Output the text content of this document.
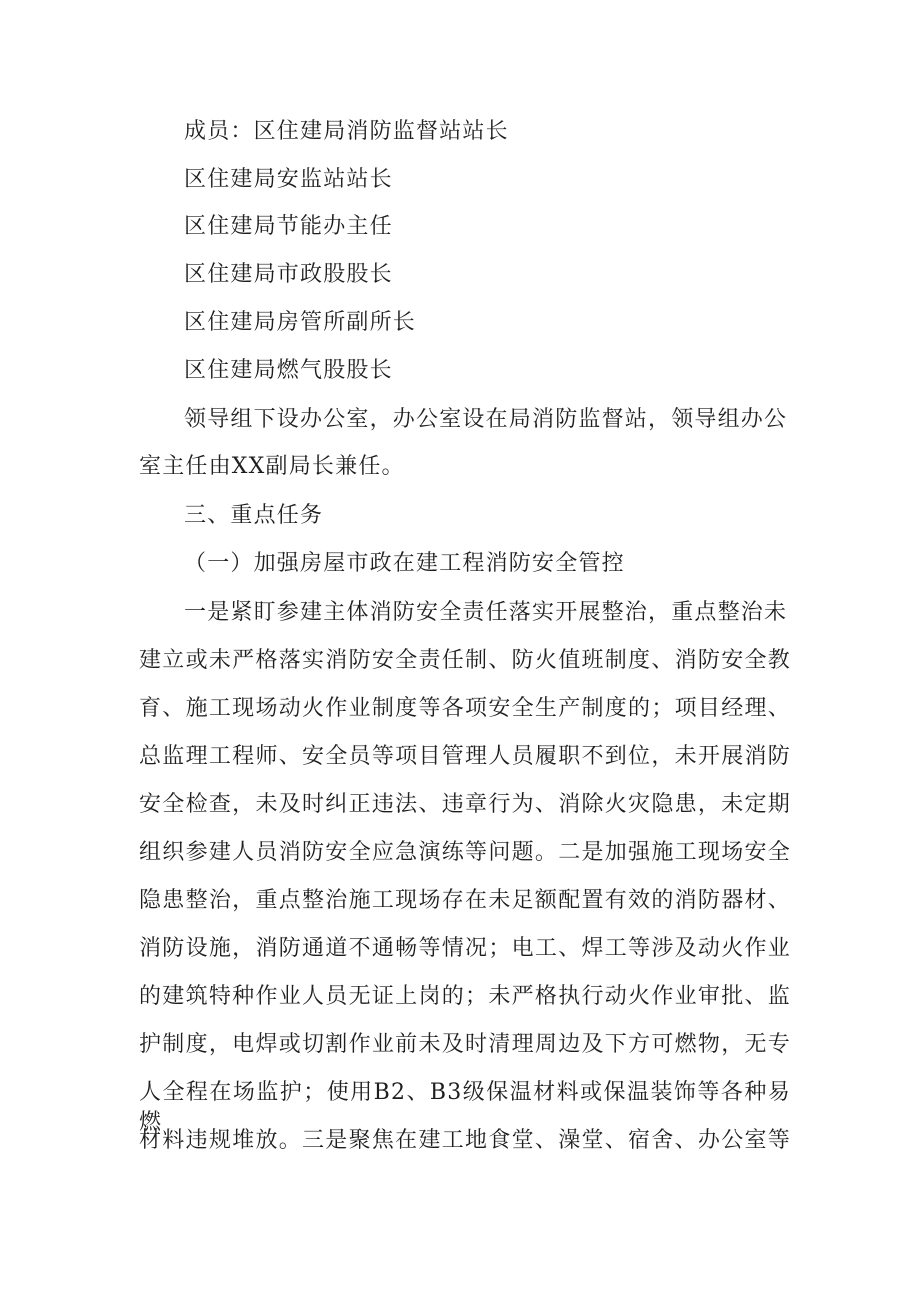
成员：区住建局消防监督站站长
区住建局安监站站长
区住建局节能办主任
区住建局市政股股长
区住建局房管所副所长
区住建局燃气股股长
领导组下设办公室，办公室设在局消防监督站，领导组办公
室主任由XX副局长兼任。
三、重点任务
（一）加强房屋市政在建工程消防安全管控
一是紧盯参建主体消防安全责任落实开展整治，重点整治未
建立或未严格落实消防安全责任制、防火值班制度、消防安全教
育、施工现场动火作业制度等各项安全生产制度的；项目经理、
总监理工程师、安全员等项目管理人员履职不到位，未开展消防
安全检查，未及时纠正违法、违章行为、消除火灾隐患，未定期
组织参建人员消防安全应急演练等问题。二是加强施工现场安全
隐患整治，重点整治施工现场存在未足额配置有效的消防器材、
消防设施，消防通道不通畅等情况；电工、焊工等涉及动火作业
的建筑特种作业人员无证上岗的；未严格执行动火作业审批、监
护制度，电焊或切割作业前未及时清理周边及下方可燃物，无专
人全程在场监护；使用B2、B3级保温材料或保温装饰等各种易燃
材料违规堆放。三是聚焦在建工地食堂、澡堂、宿舍、办公室等
